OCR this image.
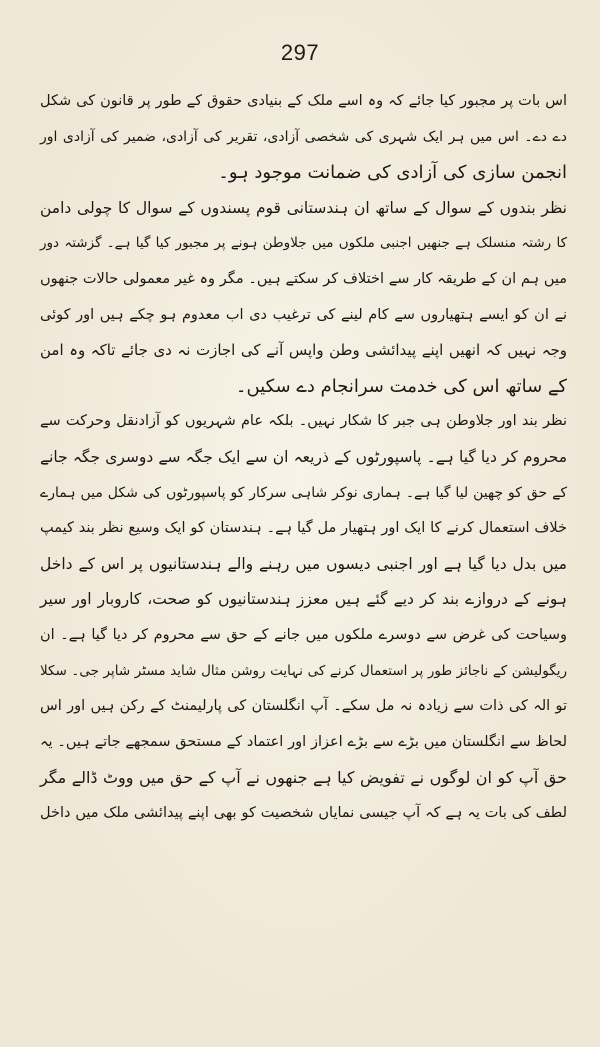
297
اس بات پر مجبور کیا جائے کہ وہ اسے ملک کے بنیادی حقوق کے طور پر قانون کی شکل
دے دے۔ اس میں ہر ایک شہری کی شخصی آزادی، تقریر کی آزادی، ضمیر کی آزادی اور
انجمن سازی کی آزادی کی ضمانت موجود ہو۔
نظر بندوں کے سوال کے ساتھ ان ہندستانی قوم پسندوں کے سوال کا چولی دامن
کا رشتہ منسلک ہے جنھیں اجنبی ملکوں میں جلاوطن ہونے پر مجبور کیا گیا ہے۔ گزشتہ دور
میں ہم ان کے طریقہ کار سے اختلاف کر سکتے ہیں۔ مگر وہ غیر معمولی حالات جنھوں
نے ان کو ایسے ہتھیاروں سے کام لینے کی ترغیب دی اب معدوم ہو چکے ہیں اور کوئی
وجہ نہیں کہ انھیں اپنے پیدائشی وطن واپس آنے کی اجازت نہ دی جائے تاکہ وہ امن
کے ساتھ اس کی خدمت سرانجام دے سکیں۔
نظر بند اور جلاوطن ہی جبر کا شکار نہیں۔ بلکہ عام شہریوں کو آزادنقل وحرکت سے
محروم کر دیا گیا ہے۔ پاسپورٹوں کے ذریعہ ان سے ایک جگہ سے دوسری جگہ جانے
کے حق کو چھین لیا گیا ہے۔ ہماری نوکر شاہی سرکار کو پاسپورٹوں کی شکل میں ہمارے
خلاف استعمال کرنے کا ایک اور ہتھیار مل گیا ہے۔ ہندستان کو ایک وسیع نظر بند کیمپ
میں بدل دیا گیا ہے اور اجنبی دیسوں میں رہنے والے ہندستانیوں پر اس کے داخل
ہونے کے دروازے بند کر دیے گئے ہیں معزز ہندستانیوں کو صحت، کاروبار اور سیر
وسیاحت کی غرض سے دوسرے ملکوں میں جانے کے حق سے محروم کر دیا گیا ہے۔ ان
ریگولیشن کے ناجائز طور پر استعمال کرنے کی نہایت روشن مثال شاید مسٹر شاپر جی۔ سکلا
تو الہ کی ذات سے زیادہ نہ مل سکے۔ آپ انگلستان کی پارلیمنٹ کے رکن ہیں اور اس
لحاظ سے انگلستان میں بڑے سے بڑے اعزاز اور اعتماد کے مستحق سمجھے جاتے ہیں۔ یہ
حق آپ کو ان لوگوں نے تفویض کیا ہے جنھوں نے آپ کے حق میں ووٹ ڈالے مگر
لطف کی بات یہ ہے کہ آپ جیسی نمایاں شخصیت کو بھی اپنے پیدائشی ملک میں داخل
